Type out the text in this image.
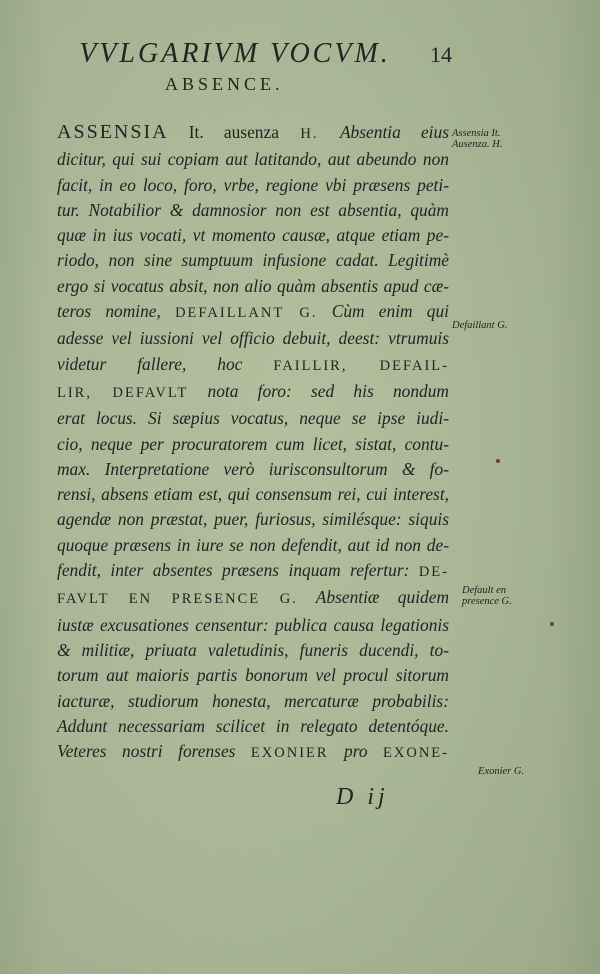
VVLGARIVM VOCVM.	14
ABSENCE.
ASSENSIA It. ausenza H. Absentia eius
dicitur, qui sui copiam aut latitando, aut abeundo non
facit, in eo loco, foro, vrbe, regione vbi præsens peti-
tur. Notabilior & damnosior non est absentia, quàm
quæ in ius vocati, vt momento causæ, atque etiam pe-
riodo, non sine sumptuum infusione cadat. Legitimè
ergo si vocatus absit, non alio quàm absentis apud cæ-
teros nomine, DEFAILLANT G. Cùm enim qui
adesse vel iussioni vel officio debuit, deest: vtrumuis
videtur fallere, hoc FAILLIR, DEFAIL-
LIR, DEFAVLT nota foro: sed his nondum
erat locus. Si sæpius vocatus, neque se ipse iudi-
cio, neque per procuratorem cum licet, sistat, contu-
max. Interpretatione verò iurisconsultorum & fo-
rensi, absens etiam est, qui consensum rei, cui interest,
agendæ non præstat, puer, furiosus, similésque: siquis
quoque præsens in iure se non defendit, aut id non de-
fendit, inter absentes præsens inquam refertur: DE-
FAVLT EN PRESENCE G. Absentiæ quidem
iustæ excusationes censentur: publica causa legationis
& militiæ, priuata valetudinis, funeris ducendi, to-
torum aut maioris partis bonorum vel procul sitorum
iacturæ, studiorum honesta, mercaturæ probabilis:
Addunt necessariam scilicet in relegato detentóque.
Veteres nostri forenses EXONIER pro EXONE-
Assensia It.
Ausenza. H.
Defaillant G.
Default en
presence G.
Exonier G.
D ij
